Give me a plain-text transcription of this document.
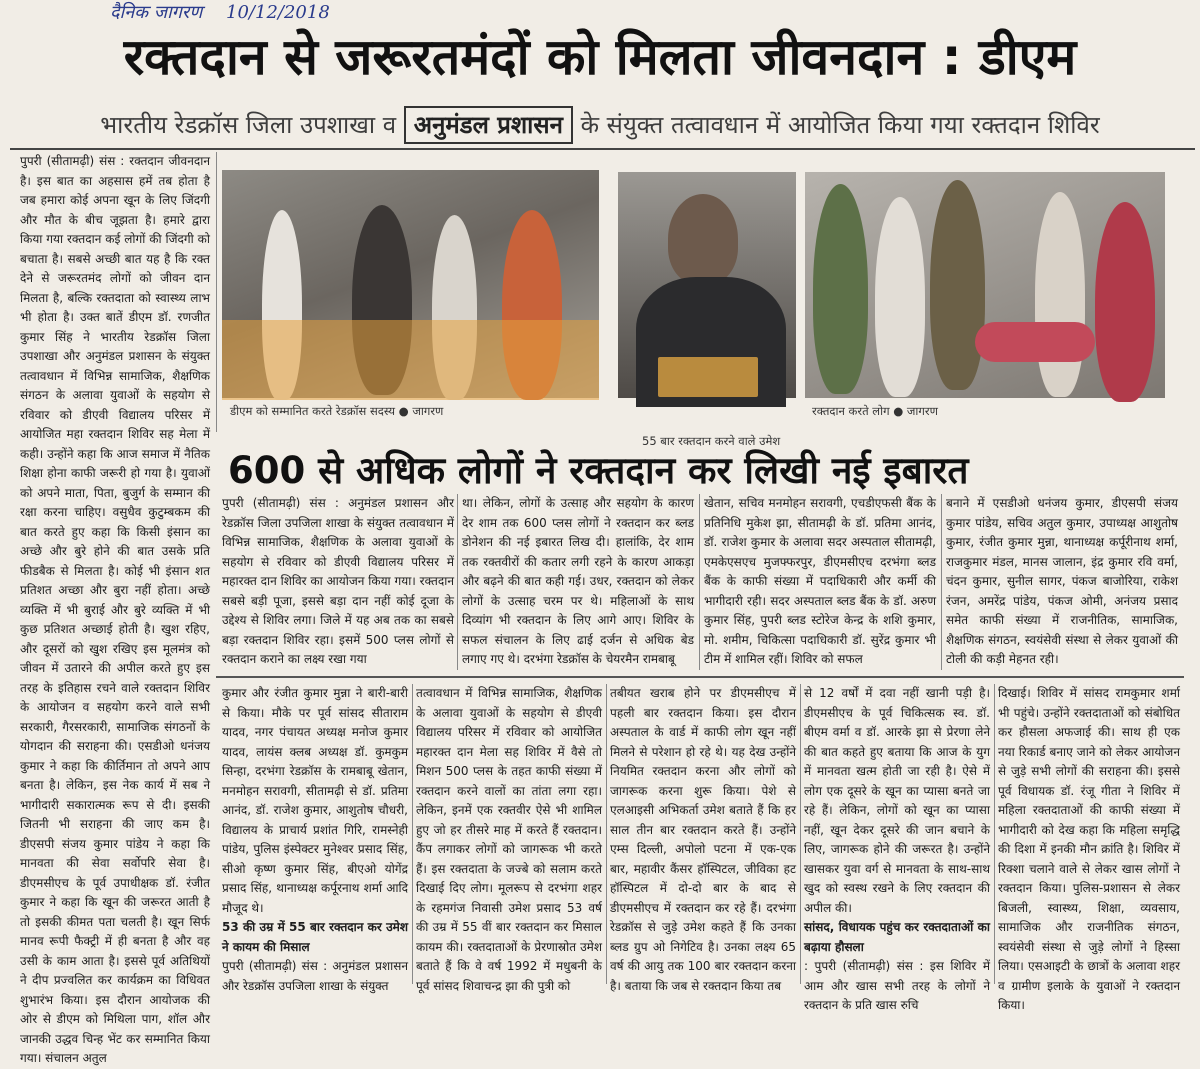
दैनिक जागरण 10/12/2018
रक्तदान से जरूरतमंदों को मिलता जीवनदान : डीएम
भारतीय रेडक्रॉस जिला उपशाखा व अनुमंडल प्रशासन के संयुक्त तत्वावधान में आयोजित किया गया रक्तदान शिविर
पुपरी (सीतामढ़ी) संस : रक्तदान जीवनदान है। इस बात का अहसास हमें तब होता है जब हमारा कोई अपना खून के लिए जिंदगी और मौत के बीच जूझता है। हमारे द्वारा किया गया रक्तदान कई लोगों की जिंदगी को बचाता है। सबसे अच्छी बात यह है कि रक्त देने से जरूरतमंद लोगों को जीवन दान मिलता है, बल्कि रक्तदाता को स्वास्थ्य लाभ भी होता है। उक्त बातें डीएम डॉ. रणजीत कुमार सिंह ने भारतीय रेडक्रॉस जिला उपशाखा और अनुमंडल प्रशासन के संयुक्त तत्वावधान में विभिन्न सामाजिक, शैक्षणिक संगठन के अलावा युवाओं के सहयोग से रविवार को डीएवी विद्यालय परिसर में आयोजित महा रक्तदान शिविर सह मेला में कही। उन्होंने कहा कि आज समाज में नैतिक शिक्षा होना काफी जरूरी हो गया है। युवाओं को अपने माता, पिता, बुजुर्ग के सम्मान की रक्षा करना चाहिए। वसुधैव कुटुम्बकम की बात करते हुए कहा कि किसी इंसान का अच्छे और बुरे होने की बात उसके प्रति फीडबैक से मिलता है। कोई भी इंसान शत प्रतिशत अच्छा और बुरा नहीं होता। अच्छे व्यक्ति में भी बुराई और बुरे व्यक्ति में भी कुछ प्रतिशत अच्छाई होती है। खुश रहिए, और दूसरों को खुश रखिए इस मूलमंत्र को जीवन में उतारने की अपील करते हुए इस तरह के इतिहास रचने वाले रक्तदान शिविर के आयोजन व सहयोग करने वाले सभी सरकारी, गैरसरकारी, सामाजिक संगठनों के योगदान की सराहना की। एसडीओ धनंजय कुमार ने कहा कि कीर्तिमान तो अपने आप बनता है। लेकिन, इस नेक कार्य में सब ने भागीदारी सकारात्मक रूप से दी। इसकी जितनी भी सराहना की जाए कम है। डीएसपी संजय कुमार पांडेय ने कहा कि मानवता की सेवा सर्वोपरि सेवा है। डीएमसीएच के पूर्व उपाधीक्षक डॉ. रंजीत कुमार ने कहा कि खून की जरूरत आती है तो इसकी कीमत पता चलती है। खून सिर्फ मानव रूपी फैक्ट्री में ही बनता है और वह उसी के काम आता है। इससे पूर्व अतिथियों ने दीप प्रज्वलित कर कार्यक्रम का विधिवत शुभारंभ किया। इस दौरान आयोजक की ओर से डीएम को मिथिला पाग, शॉल और जानकी उद्धव चिन्ह भेंट कर सम्मानित किया गया। संचालन अतुल
डीएम को सम्मानित करते रेडक्रॉस सदस्य ● जागरण
55 बार रक्तदान करने वाले उमेश
रक्तदान करते लोग ● जागरण
600 से अधिक लोगों ने रक्तदान कर लिखी नई इबारत
पुपरी (सीतामढ़ी) संस : अनुमंडल प्रशासन और रेडक्रॉस जिला उपजिला शाखा के संयुक्त तत्वावधान में विभिन्न सामाजिक, शैक्षणिक के अलावा युवाओं के सहयोग से रविवार को डीएवी विद्यालय परिसर में महारक्त दान शिविर का आयोजन किया गया। रक्तदान सबसे बड़ी पूजा, इससे बड़ा दान नहीं कोई दूजा के उद्देश्य से शिविर लगा। जिले में यह अब तक का सबसे बड़ा रक्तदान शिविर रहा। इसमें 500 प्लस लोगों से रक्तदान कराने का लक्ष्य रखा गया
था। लेकिन, लोगों के उत्साह और सहयोग के कारण देर शाम तक 600 प्लस लोगों ने रक्तदान कर ब्लड डोनेशन की नई इबारत लिख दी। हालांकि, देर शाम तक रक्तवीरों की कतार लगी रहने के कारण आकड़ा और बढ़ने की बात कही गई। उधर, रक्तदान को लेकर लोगों के उत्साह चरम पर थे। महिलाओं के साथ दिव्यांग भी रक्तदान के लिए आगे आए। शिविर के सफल संचालन के लिए ढाई दर्जन से अधिक बेड लगाए गए थे। दरभंगा रेडक्रॉस के चेयरमैन रामबाबू
खेतान, सचिव मनमोहन सरावगी, एचडीएफसी बैंक के प्रतिनिधि मुकेश झा, सीतामढ़ी के डॉ. प्रतिमा आनंद, डॉ. राजेश कुमार के अलावा सदर अस्पताल सीतामढ़ी, एमकेएसएच मुजफ्फरपुर, डीएमसीएच दरभंगा ब्लड बैंक के काफी संख्या में पदाधिकारी और कर्मी की भागीदारी रही। सदर अस्पताल ब्लड बैंक के डॉ. अरुण कुमार सिंह, पुपरी ब्लड स्टोरेज केन्द्र के शशि कुमार, मो. शमीम, चिकित्सा पदाधिकारी डॉ. सुरेंद्र कुमार भी टीम में शामिल रहीं। शिविर को सफल
बनाने में एसडीओ धनंजय कुमार, डीएसपी संजय कुमार पांडेय, सचिव अतुल कुमार, उपाध्यक्ष आशुतोष कुमार, रंजीत कुमार मुन्ना, थानाध्यक्ष कर्पूरीनाथ शर्मा, राजकुमार मंडल, मानस जालान, इंद्र कुमार रवि वर्मा, चंदन कुमार, सुनील सागर, पंकज बाजोरिया, राकेश रंजन, अमरेंद्र पांडेय, पंकज ओमी, अनंजय प्रसाद समेत काफी संख्या में राजनीतिक, सामाजिक, शैक्षणिक संगठन, स्वयंसेवी संस्था से लेकर युवाओं की टोली की कड़ी मेहनत रही।
कुमार और रंजीत कुमार मुन्ना ने बारी-बारी से किया। मौके पर पूर्व सांसद सीताराम यादव, नगर पंचायत अध्यक्ष मनोज कुमार यादव, लायंस क्लब अध्यक्ष डॉ. कुमकुम सिन्हा, दरभंगा रेडक्रॉस के रामबाबू खेतान, मनमोहन सरावगी, सीतामढ़ी से डॉ. प्रतिमा आनंद, डॉ. राजेश कुमार, आशुतोष चौधरी, विद्यालय के प्राचार्य प्रशांत गिरि, रामस्नेही पांडेय, पुलिस इंस्पेक्टर मुनेश्वर प्रसाद सिंह, सीओ कृष्ण कुमार सिंह, बीएओ योगेंद्र प्रसाद सिंह, थानाध्यक्ष कर्पूरनाथ शर्मा आदि मौजूद थे।
53 की उम्र में 55 बार रक्तदान कर उमेश ने कायम की मिसाल
पुपरी (सीतामढ़ी) संस : अनुमंडल प्रशासन और रेडक्रॉस उपजिला शाखा के संयुक्त
तत्वावधान में विभिन्न सामाजिक, शैक्षणिक के अलावा युवाओं के सहयोग से डीएवी विद्यालय परिसर में रविवार को आयोजित महारक्त दान मेला सह शिविर में वैसे तो मिशन 500 प्लस के तहत काफी संख्या में रक्तदान करने वालों का तांता लगा रहा। लेकिन, इनमें एक रक्तवीर ऐसे भी शामिल हुए जो हर तीसरे माह में करते हैं रक्तदान। कैंप लगाकर लोगों को जागरूक भी करते हैं। इस रक्तदाता के जज्बे को सलाम करते दिखाई दिए लोग। मूलरूप से दरभंगा शहर के रहमगंज निवासी उमेश प्रसाद 53 वर्ष की उम्र में 55 वीं बार रक्तदान कर मिसाल कायम की। रक्तदाताओं के प्रेरणास्रोत उमेश बताते हैं कि वे वर्ष 1992 में मधुबनी के पूर्व सांसद शिवाचन्द्र झा की पुत्री को
तबीयत खराब होने पर डीएमसीएच में पहली बार रक्तदान किया। इस दौरान अस्पताल के वार्ड में काफी लोग खून नहीं मिलने से परेशान हो रहे थे। यह देख उन्होंने नियमित रक्तदान करना और लोगों को जागरूक करना शुरू किया। पेशे से एलआइसी अभिकर्ता उमेश बताते हैं कि हर साल तीन बार रक्तदान करते हैं। उन्होंने एम्स दिल्ली, अपोलो पटना में एक-एक बार, महावीर कैंसर हॉस्पिटल, जीविका हट हॉस्पिटल में दो-दो बार के बाद से डीएमसीएच में रक्तदान कर रहे हैं। दरभंगा रेडक्रॉस से जुड़े उमेश कहते हैं कि उनका ब्लड ग्रुप ओ निगेटिव है। उनका लक्ष्य 65 वर्ष की आयु तक 100 बार रक्तदान करना है। बताया कि जब से रक्तदान किया तब
से 12 वर्षों में दवा नहीं खानी पड़ी है। डीएमसीएच के पूर्व चिकित्सक स्व. डॉ. बीएम वर्मा व डॉ. आरके झा से प्रेरणा लेने की बात कहते हुए बताया कि आज के युग में मानवता खत्म होती जा रही है। ऐसे में लोग एक दूसरे के खून का प्यासा बनते जा रहे हैं। लेकिन, लोगों को खून का प्यासा नहीं, खून देकर दूसरे की जान बचाने के लिए, जागरूक होने की जरूरत है। उन्होंने खासकर युवा वर्ग से मानवता के साथ-साथ खुद को स्वस्थ रखने के लिए रक्तदान की अपील की।
सांसद, विधायक पहुंच कर रक्तदाताओं का बढ़ाया हौसला
: पुपरी (सीतामढ़ी) संस : इस शिविर में आम और खास सभी तरह के लोगों ने रक्तदान के प्रति खास रुचि
दिखाई। शिविर में सांसद रामकुमार शर्मा भी पहुंचे। उन्होंने रक्तदाताओं को संबोधित कर हौसला अफजाई की। साथ ही एक नया रिकार्ड बनाए जाने को लेकर आयोजन से जुड़े सभी लोगों की सराहना की। इससे पूर्व विधायक डॉ. रंजू गीता ने शिविर में महिला रक्तदाताओं की काफी संख्या में भागीदारी को देख कहा कि महिला समृद्धि की दिशा में इनकी मौन क्रांति है। शिविर में रिक्शा चलाने वाले से लेकर खास लोगों ने रक्तदान किया। पुलिस-प्रशासन से लेकर बिजली, स्वास्थ्य, शिक्षा, व्यवसाय, सामाजिक और राजनीतिक संगठन, स्वयंसेवी संस्था से जुड़े लोगों ने हिस्सा लिया। एसआइटी के छात्रों के अलावा शहर व ग्रामीण इलाके के युवाओं ने रक्तदान किया।
